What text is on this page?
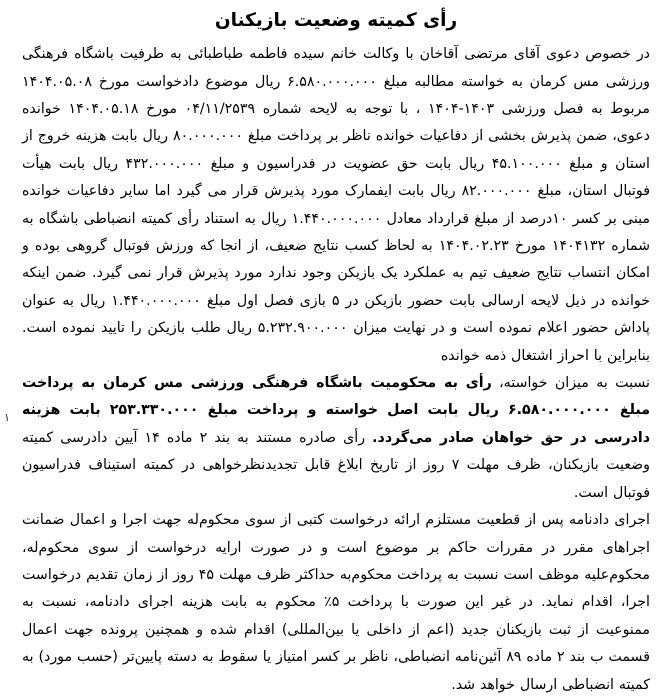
رأی کمیته وضعیت بازیکنان

در خصوص دعوی آقای مرتضی آقاخان با وکالت خانم سیده فاطمه طباطبائی به طرفیت باشگاه فرهنگی ورزشی مس کرمان به خواسته مطالبه مبلغ ۶.۵۸۰.۰۰۰.۰۰۰ ریال موضوع دادخواست مورخ ۱۴۰۴.۰۵.۰۸ مربوط به فصل ورزشی ۱۴۰۳-۱۴۰۴ ، با توجه به لایحه شماره ۰۴/۱۱/۲۵۳۹ مورخ ۱۴۰۴.۰۵.۱۸ خوانده دعوی، ضمن پذیرش بخشی از دفاعیات خوانده ناظر بر پرداخت مبلغ ۸۰.۰۰۰.۰۰۰ ریال بابت هزینه خروج از استان و مبلغ ۴۵.۱۰۰.۰۰۰ ریال بابت حق عضویت در فدراسیون و مبلغ ۴۳۲.۰۰۰.۰۰۰ ریال بابت هیأت فوتبال استان، مبلغ ۸۲.۰۰۰.۰۰۰ ریال بابت ایفمارک مورد پذیرش قرار می گیرد اما سایر دفاعیات خوانده مبنی بر کسر ۱۰درصد از مبلغ قرارداد معادل ۱.۴۴۰.۰۰۰.۰۰۰ ریال به استناد رأی کمیته انضباطی باشگاه به شماره ۱۴۰۴۱۳۲ مورخ ۱۴۰۴.۰۲.۲۳ به لحاظ کسب نتایج ضعیف، از انجا که ورزش فوتبال گروهی بوده و امکان انتساب نتایج ضعیف تیم به عملکرد یک بازیکن وجود ندارد مورد پذیرش قرار نمی گیرد. ضمن اینکه خوانده در ذیل لایحه ارسالی بابت حضور بازیکن در ۵ بازی فصل اول مبلغ ۱.۴۴۰.۰۰۰.۰۰۰ ریال به عنوان پاداش حضور اعلام نموده است و در نهایت میزان ۵.۲۳۲.۹۰۰.۰۰۰ ریال طلب بازیکن را تایید نموده است. بنابراین با احراز اشتغال ذمه خوانده

نسبت به میزان خواسته، رأی به محکومیت باشگاه فرهنگی ورزشی مس کرمان به پرداخت مبلغ ۶.۵۸۰.۰۰۰.۰۰۰ ریال بابت اصل خواسته و پرداخت مبلغ ۲۵۳.۳۳۰.۰۰۰ بابت هزینه دادرسی در حق خواهان صادر می‌گردد. رأی صادره مستند به بند ۲ ماده ۱۴ آیین دادرسی کمیته وضعیت بازیکنان، ظرف مهلت ۷ روز از تاریخ ابلاغ قابل تجدیدنظرخواهی در کمیته استیناف فدراسیون فوتبال است.

اجرای دادنامه پس از قطعیت مستلزم ارائه درخواست کتبی از سوی محکوم‌له جهت اجرا و اعمال ضمانت اجراهای مقرر در مقررات حاکم بر موضوع است و در صورت ارایه درخواست از سوی محکوم‌له، محکوم‌علیه موظف است نسبت به پرداخت محکوم‌به حداکثر ظرف مهلت ۴۵ روز از زمان تقدیم درخواست اجرا، اقدام نماید. در غیر این صورت با پرداخت ۵٪ محکوم به بابت هزینه اجرای دادنامه، نسبت به ممنوعیت از ثبت بازیکنان جدید (اعم از داخلی یا بین‌المللی) اقدام شده و همچنین پرونده جهت اعمال قسمت ب بند ۲ ماده ۸۹ آئین‌نامه انضباطی، ناظر بر کسر امتیاز یا سقوط به دسته پایین‌تر (حسب مورد) به کمیته انضباطی ارسال خواهد شد.

١
